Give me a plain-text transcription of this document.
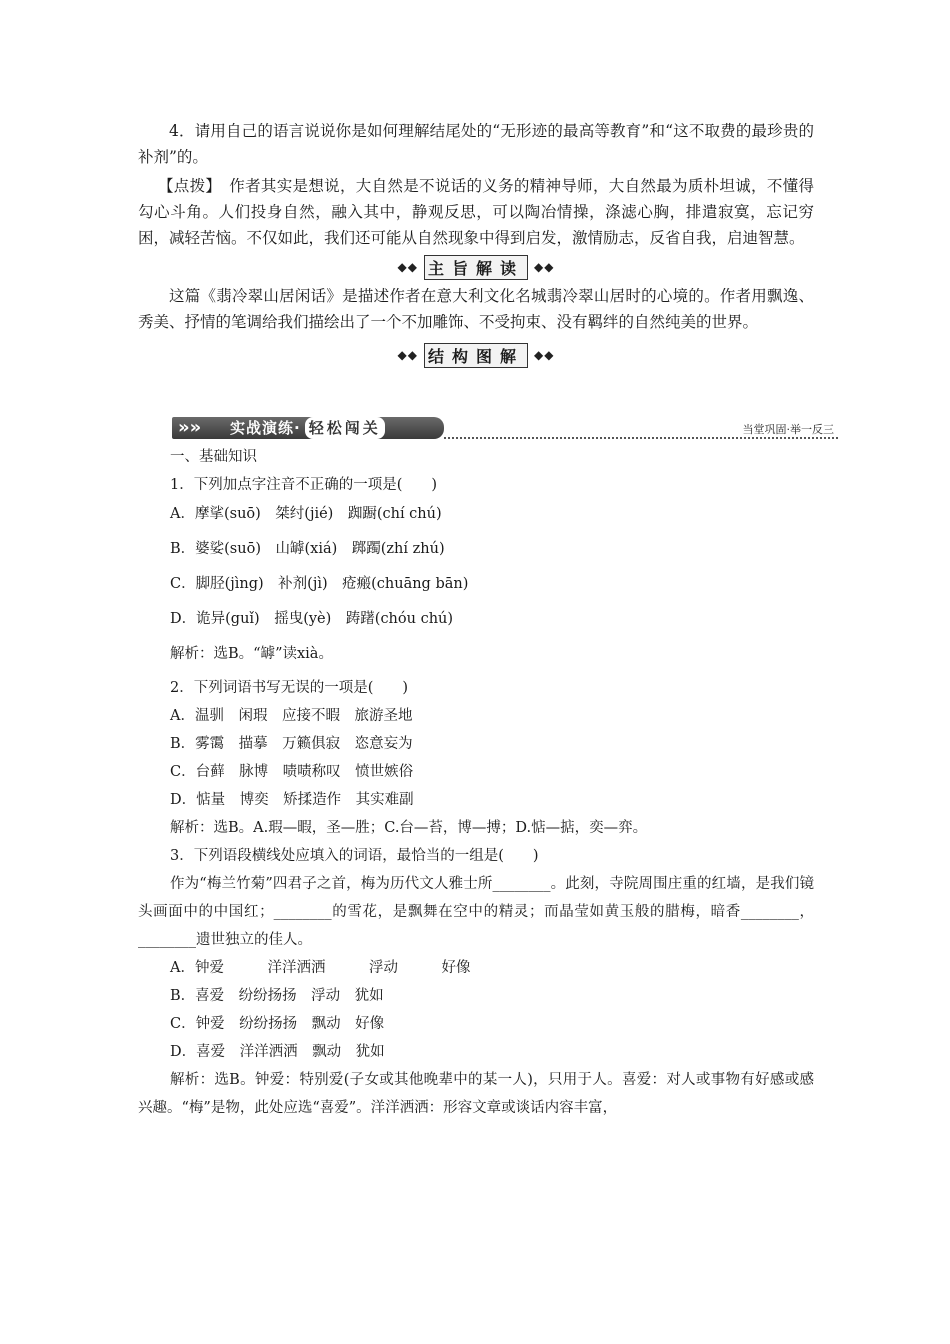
4．请用自己的语言说说你是如何理解结尾处的“无形迹的最高等教育”和“这不取费的最珍贵的补剂”的。

【点拨】　作者其实是想说，大自然是不说话的义务的精神导师，大自然最为质朴坦诚，不懂得勾心斗角。人们投身自然，融入其中，静观反思，可以陶冶情操，涤滤心胸，排遣寂寞，忘记穷困，减轻苦恼。不仅如此，我们还可能从自然现象中得到启发，激情励志，反省自我，启迪智慧。

◆◆ 主旨解读 ◆◆

这篇《翡冷翠山居闲话》是描述作者在意大利文化名城翡冷翠山居时的心境的。作者用飘逸、秀美、抒情的笔调给我们描绘出了一个不加雕饰、不受拘束、没有羁绊的自然纯美的世界。

◆◆ 结构图解 ◆◆
»» 实战演练· 轻松闯关	当堂巩固·举一反三

一、基础知识

1．下列加点字注音不正确的一项是(　　)

A．摩挲(suō)　桀纣(jié)　踟蹰(chí chú)

B．婆娑(suō)　山罅(xiá)　踯躅(zhí zhú)

C．脚胫(jìng)　补剂(jì)　疮瘢(chuāng bān)

D．诡异(guǐ)　摇曳(yè)　踌躇(chóu chú)

解析：选B。“罅”读xià。

2．下列词语书写无误的一项是(　　)

A．温驯　闲瑕　应接不暇　旅游圣地

B．雾霭　描摹　万籁俱寂　恣意妄为

C．台藓　脉博　啧啧称叹　愤世嫉俗

D．惦量　博奕　矫揉造作　其实难副

解析：选B。A.瑕—暇，圣—胜；C.台—苔，博—搏；D.惦—掂，奕—弈。

3．下列语段横线处应填入的词语，最恰当的一组是(　　)

作为“梅兰竹菊”四君子之首，梅为历代文人雅士所________。此刻，寺院周围庄重的红墙，是我们镜头画面中的中国红；________的雪花，是飘舞在空中的精灵；而晶莹如黄玉般的腊梅，暗香________，________遗世独立的佳人。

A．钟爱　　　洋洋洒洒　　　浮动　　　好像

B．喜爱　纷纷扬扬　浮动　犹如

C．钟爱　纷纷扬扬　飘动　好像

D．喜爱　洋洋洒洒　飘动　犹如

解析：选B。钟爱：特别爱(子女或其他晚辈中的某一人)，只用于人。喜爱：对人或事物有好感或感兴趣。“梅”是物，此处应选“喜爱”。洋洋洒洒：形容文章或谈话内容丰富，
